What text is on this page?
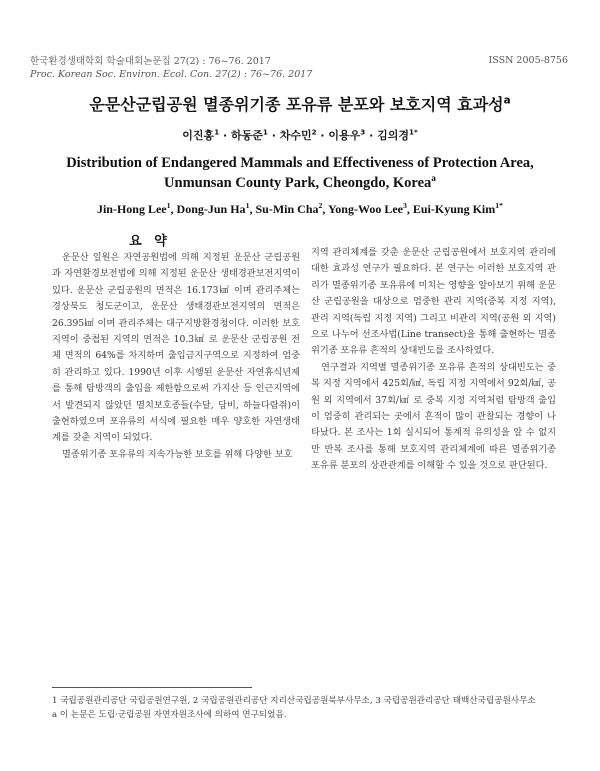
한국환경생태학회 학술대회논문집 27(2) : 76~76. 2017
Proc. Korean Soc. Environ. Ecol. Con. 27(2) : 76~76. 2017
ISSN 2005-8756
운문산군립공원 멸종위기종 포유류 분포와 보호지역 효과성$^a$
이진홍$^1$ · 하동준$^1$ · 차수민$^2$ · 이용우$^3$ · 김의경$^{1*}$
Distribution of Endangered Mammals and Effectiveness of Protection Area,
Unmunsan County Park, Cheongdo, Korea$^a$
Jin-Hong Lee$^1$, Dong-Jun Ha$^1$, Su-Min Cha$^2$, Yong-Woo Lee$^3$, Eui-Kyung Kim$^{1*}$
요 약

운문산 일원은 자연공원법에 의해 지정된 운문산 군립공원과 자연환경보전법에 의해 지정된 운문산 생태경관보전지역이 있다. 운문산 군립공원의 면적은 16.173㎢ 이며 관리주체는 경상북도 청도군이고, 운문산 생태경관보전지역의 면적은 26.395㎢ 이며 관리주체는 대구지방환경청이다. 이러한 보호지역이 중첩된 지역의 면적은 10.3㎢ 로 운문산 군립공원 전체 면적의 64%를 차지하며 출입금지구역으로 지정하여 엄중히 관리하고 있다. 1990년 이후 시행된 운문산 자연휴식년제를 통해 탐방객의 출입을 제한함으로써 가지산 등 인근지역에서 발견되지 않았던 멸치보호종들(수달, 담비, 하늘다람쥐)이 출현하였으며 포유류의 서식에 필요한 매우 양호한 자연생태계를 갖춘 지역이 되었다.

멸종위기종 포유류의 지속가능한 보호를 위해 다양한 보호

지역 관리체계를 갖춘 운문산 군립공원에서 보호지역 관리에 대한 효과성 연구가 필요하다. 본 연구는 이러한 보호지역 관리가 멸종위기종 포유류에 미치는 영향을 알아보기 위해 운문산 군립공원을 대상으로 엄중한 관리 지역(중복 지정 지역), 관리 지역(독립 지정 지역) 그리고 비관리 지역(공원 외 지역)으로 나누어 선조사법(Line transect)을 통해 출현하는 멸종위기종 포유류 흔적의 상대빈도를 조사하였다.

연구결과 지역별 멸종위기종 포유류 흔적의 상대빈도는 중복 지정 지역에서 425회/㎢, 독립 지정 지역에서 92회/㎢, 공원 외 지역에서 37회/㎢ 로 중복 지정 지역처럼 탐방객 출입이 엄중히 관리되는 곳에서 흔적이 많이 관찰되는 경향이 나타났다. 본 조사는 1회 실시되어 통계적 유의성을 알 수 없지만 반복 조사를 통해 보호지역 관리체계에 따른 멸종위기종 포유류 분포의 상관관계를 이해할 수 있을 것으로 판단된다.

1 국립공원관리공단 국립공원연구원, 2 국립공원관리공단 지리산국립공원북부사무소, 3 국립공원관리공단 태백산국립공원사무소
a 이 논문은 도립·군립공원 자연자원조사에 의하여 연구되었음.
